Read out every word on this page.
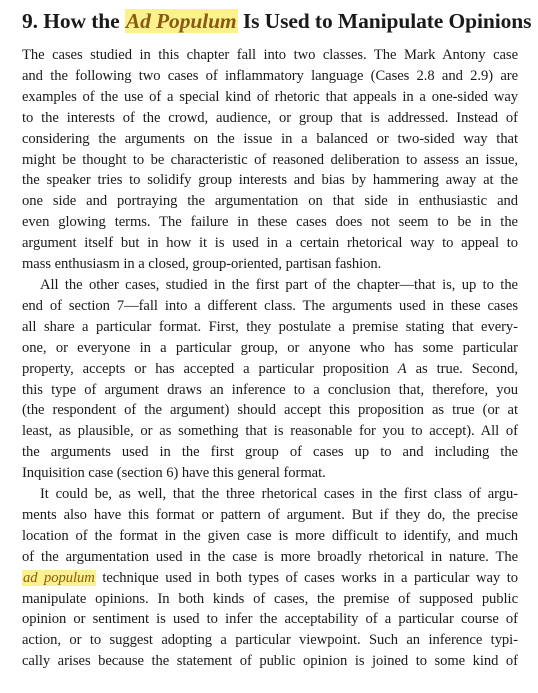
9. How the Ad Populum Is Used to Manipulate Opinions
The cases studied in this chapter fall into two classes. The Mark Antony case
and the following two cases of inflammatory language (Cases 2.8 and 2.9) are
examples of the use of a special kind of rhetoric that appeals in a one-sided way
to the interests of the crowd, audience, or group that is addressed. Instead of
considering the arguments on the issue in a balanced or two-sided way that
might be thought to be characteristic of reasoned deliberation to assess an issue,
the speaker tries to solidify group interests and bias by hammering away at the
one side and portraying the argumentation on that side in enthusiastic and
even glowing terms. The failure in these cases does not seem to be in the
argument itself but in how it is used in a certain rhetorical way to appeal to
mass enthusiasm in a closed, group-oriented, partisan fashion.
All the other cases, studied in the first part of the chapter—that is, up to the
end of section 7—fall into a different class. The arguments used in these cases
all share a particular format. First, they postulate a premise stating that every-
one, or everyone in a particular group, or anyone who has some particular
property, accepts or has accepted a particular proposition A as true. Second,
this type of argument draws an inference to a conclusion that, therefore, you
(the respondent of the argument) should accept this proposition as true (or at
least, as plausible, or as something that is reasonable for you to accept). All of
the arguments used in the first group of cases up to and including the
Inquisition case (section 6) have this general format.
It could be, as well, that the three rhetorical cases in the first class of argu-
ments also have this format or pattern of argument. But if they do, the precise
location of the format in the given case is more difficult to identify, and much
of the argumentation used in the case is more broadly rhetorical in nature. The
ad populum technique used in both types of cases works in a particular way to
manipulate opinions. In both kinds of cases, the premise of supposed public
opinion or sentiment is used to infer the acceptability of a particular course of
action, or to suggest adopting a particular viewpoint. Such an inference typi-
cally arises because the statement of public opinion is joined to some kind of
